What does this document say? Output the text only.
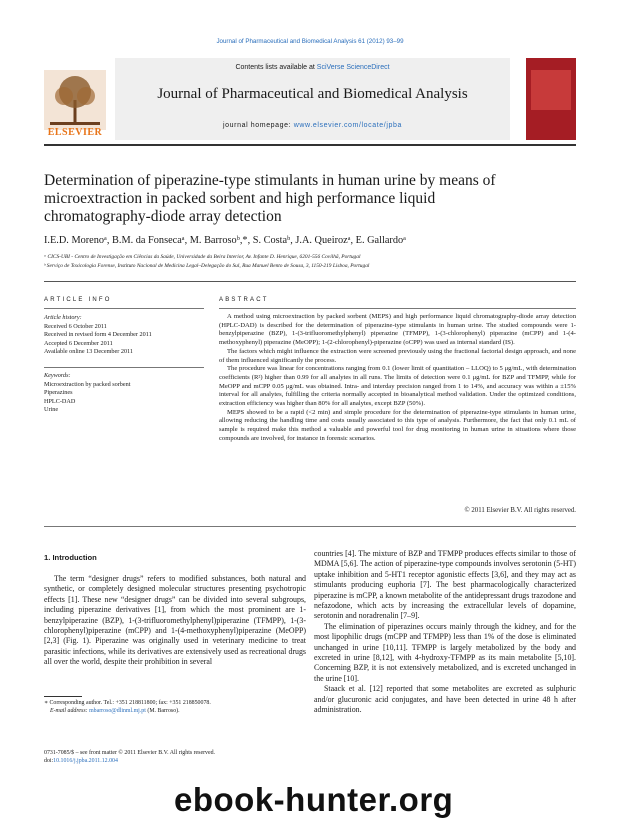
Journal of Pharmaceutical and Biomedical Analysis 61 (2012) 93–99
ELSEVIER
Contents lists available at SciVerse ScienceDirect
Journal of Pharmaceutical and Biomedical Analysis
journal homepage: www.elsevier.com/locate/jpba
Determination of piperazine-type stimulants in human urine by means of microextraction in packed sorbent and high performance liquid chromatography-diode array detection
I.E.D. Morenoᵃ, B.M. da Fonsecaᵃ, M. Barrosoᵇ,*, S. Costaᵇ, J.A. Queirozᵃ, E. Gallardoᵃ
ᵃ CICS-UBI - Centro de Investigação em Ciências da Saúde, Universidade da Beira Interior, Av. Infante D. Henrique, 6201-556 Covilhã, Portugal
ᵇ Serviço de Toxicologia Forense, Instituto Nacional de Medicina Legal–Delegação do Sul, Rua Manuel Bento de Sousa, 3, 1150-219 Lisboa, Portugal
ARTICLE INFO	ABSTRACT
Article history:
Received 6 October 2011
Received in revised form 4 December 2011
Accepted 6 December 2011
Available online 13 December 2011
Keywords:
Microextraction by packed sorbent
Piperazines
HPLC-DAD
Urine

A method using microextraction by packed sorbent (MEPS) and high performance liquid chromatography-diode array detection (HPLC-DAD) is described for the determination of piperazine-type stimulants in human urine. The studied compounds were 1-benzylpiperazine (BZP), 1-(3-trifluoromethylphenyl) piperazine (TFMPP), 1-(3-chlorophenyl) piperazine (mCPP) and 1-(4-methoxyphenyl) piperazine (MeOPP); 1-(2-chlorophenyl)-piperazine (oCPP) was used as internal standard (IS).

The factors which might influence the extraction were screened previously using the fractional factorial design approach, and none of them influenced significantly the process.

The procedure was linear for concentrations ranging from 0.1 (lower limit of quantitation – LLOQ) to 5 μg/mL, with determination coefficients (R²) higher than 0.99 for all analytes in all runs. The limits of detection were 0.1 μg/mL for BZP and TFMPP, while for MeOPP and mCPP 0.05 μg/mL was obtained. Intra- and interday precision ranged from 1 to 14%, and accuracy was within a ±15% interval for all analytes, fulfilling the criteria normally accepted in bioanalytical method validation. Under the optimized conditions, extraction efficiency was higher than 80% for all analytes, except BZP (50%).

MEPS showed to be a rapid (<2 min) and simple procedure for the determination of piperazine-type stimulants in human urine, allowing reducing the handling time and costs usually associated to this type of analysis. Furthermore, the fact that only 0.1 mL of sample is required make this method a valuable and powerful tool for drug monitoring in human urine in situations where those compounds are involved, for instance in forensic scenarios.

© 2011 Elsevier B.V. All rights reserved.
1. Introduction

The term “designer drugs” refers to modified substances, both natural and synthetic, or completely designed molecular structures presenting psychotropic effects [1]. These new “designer drugs” can be divided into several subgroups, including piperazine derivatives [1], from which the most prominent are 1-benzylpiperazine (BZP), 1-(3-trifluoromethylphenyl)piperazine (TFMPP), 1-(3-chlorophenyl)piperazine (mCPP) and 1-(4-methoxyphenyl)piperazine (MeOPP) [2,3] (Fig. 1). Piperazine was originally used in veterinary medicine to treat parasitic infections, while its derivatives are extensively used as recreational drugs all over the world, despite their prohibition in several

countries [4]. The mixture of BZP and TFMPP produces effects similar to those of MDMA [5,6]. The action of piperazine-type compounds involves serotonin (5-HT) uptake inhibition and 5-HT1 receptor agonistic effects [3,6], and they may act as stimulants producing euphoria [7]. The best pharmacologically characterized piperazine is mCPP, a known metabolite of the antidepressant drugs trazodone and nefazodone, which acts by increasing the extracellular levels of dopamine, serotonin and noradrenalin [7–9].

The elimination of piperazines occurs mainly through the kidney, and for the most lipophilic drugs (mCPP and TFMPP) less than 1% of the dose is eliminated unchanged in urine [10,11]. TFMPP is largely metabolized by the body and excreted in urine [8,12], with 4-hydroxy-TFMPP as its main metabolite [5,10]. Concerning BZP, it is not extensively metabolized, and is excreted unchanged in the urine [10].

Staack et al. [12] reported that some metabolites are excreted as sulphuric and/or glucuronic acid conjugates, and have been detected in urine 48 h after administration.

∗ Corresponding author. Tel.: +351 218811800; fax: +351 218850078.
E-mail address: mbarroso@dlinml.mj.pt (M. Barroso).
0731-7085/$ – see front matter © 2011 Elsevier B.V. All rights reserved.
doi:10.1016/j.jpba.2011.12.004
ebook-hunter.org
